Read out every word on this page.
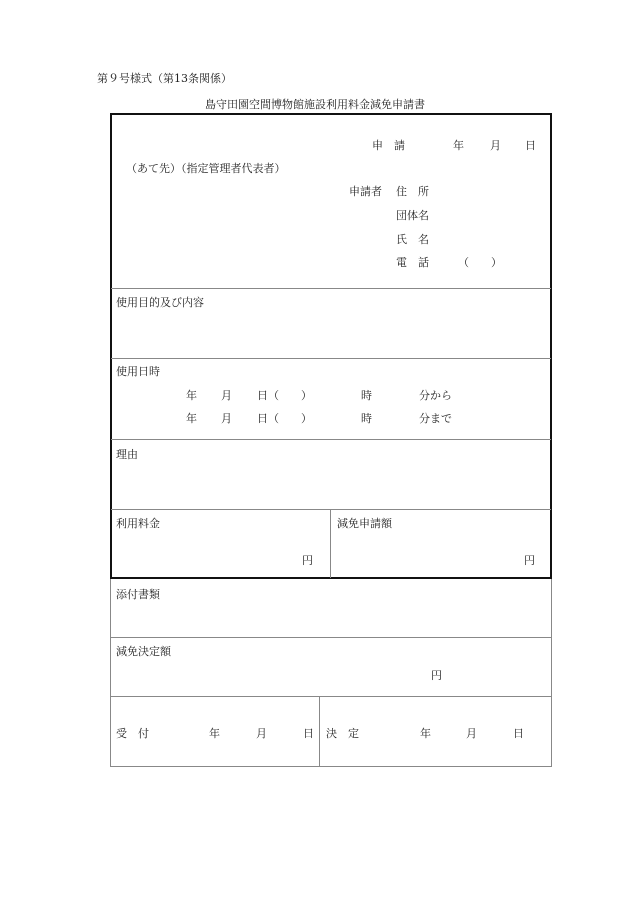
第９号様式（第13条関係）
島守田園空間博物館施設利用料金減免申請書
申　請	年 月 日
（あて先）（指定管理者代表者）
申請者 住　所
団体名
氏　名
電　話	（　　）
使用目的及び内容
使用日時
年 月 日（　　）	時	分から
年 月 日（　　）	時	分まで
理由
利用料金
円
減免申請額
円
添付書類
減免決定額
円
受　付	年	月	日 決　定	年	月	日
